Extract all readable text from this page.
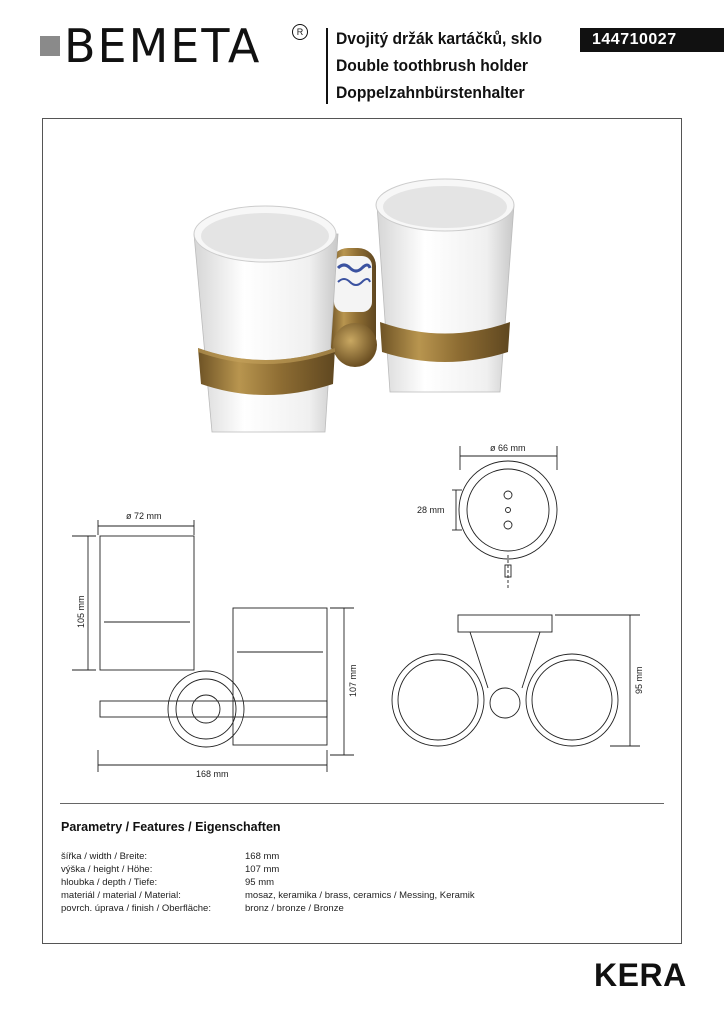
BEMETA	R Dvojitý držák kartáčků, sklo
Double toothbrush holder
Doppelzahnbürstenhalter
144710027
ø 66 mm
28 mm
ø 72 mm
105 mm
107 mm
168 mm
95 mm
Parametry / Features / Eigenschaften
šířka / width / Breite:	168 mm
výška / height / Höhe:	107 mm
hloubka / depth / Tiefe:	95 mm
materiál / material / Material:	mosaz, keramika / brass, ceramics / Messing, Keramik
povrch. úprava / finish / Oberfläche:	bronz / bronze / Bronze
KERA
